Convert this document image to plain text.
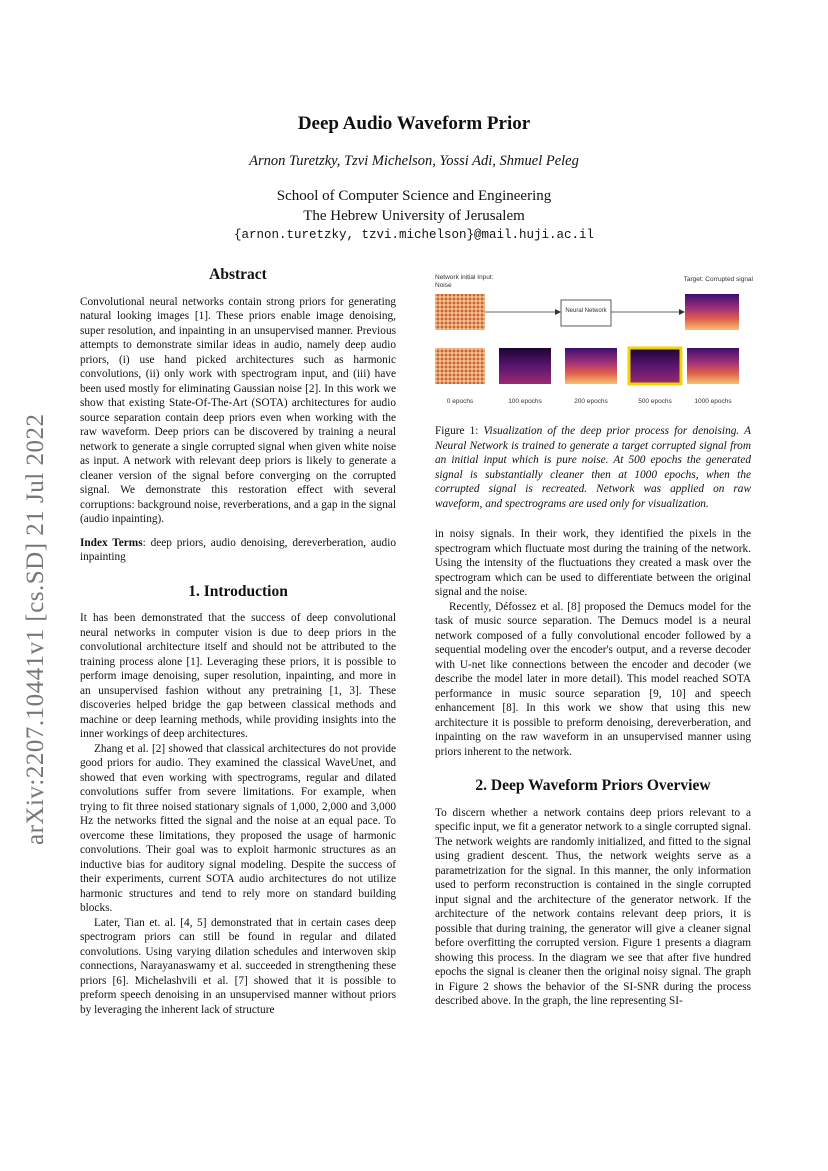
Deep Audio Waveform Prior
Arnon Turetzky, Tzvi Michelson, Yossi Adi, Shmuel Peleg
School of Computer Science and Engineering
The Hebrew University of Jerusalem
{arnon.turetzky, tzvi.michelson}@mail.huji.ac.il
arXiv:2207.10441v1 [cs.SD] 21 Jul 2022
Abstract

Convolutional neural networks contain strong priors for generating natural looking images [1]. These priors enable image denoising, super resolution, and inpainting in an unsupervised manner. Previous attempts to demonstrate similar ideas in audio, namely deep audio priors, (i) use hand picked architectures such as harmonic convolutions, (ii) only work with spectrogram input, and (iii) have been used mostly for eliminating Gaussian noise [2]. In this work we show that existing State-Of-The-Art (SOTA) architectures for audio source separation contain deep priors even when working with the raw waveform. Deep priors can be discovered by training a neural network to generate a single corrupted signal when given white noise as input. A network with relevant deep priors is likely to generate a cleaner version of the signal before converging on the corrupted signal. We demonstrate this restoration effect with several corruptions: background noise, reverberations, and a gap in the signal (audio inpainting).

Index Terms: deep priors, audio denoising, dereverberation, audio inpainting

1. Introduction

It has been demonstrated that the success of deep convolutional neural networks in computer vision is due to deep priors in the convolutional architecture itself and should not be attributed to the training process alone [1]. Leveraging these priors, it is possible to perform image denoising, super resolution, inpainting, and more in an unsupervised fashion without any pretraining [1, 3]. These discoveries helped bridge the gap between classical methods and machine or deep learning methods, while providing insights into the inner workings of deep architectures.

Zhang et al. [2] showed that classical architectures do not provide good priors for audio. They examined the classical WaveUnet, and showed that even working with spectrograms, regular and dilated convolutions suffer from severe limitations. For example, when trying to fit three noised stationary signals of 1,000, 2,000 and 3,000 Hz the networks fitted the signal and the noise at an equal pace. To overcome these limitations, they proposed the usage of harmonic convolutions. Their goal was to exploit harmonic structures as an inductive bias for auditory signal modeling. Despite the success of their experiments, current SOTA audio architectures do not utilize harmonic structures and tend to rely more on standard building blocks.

Later, Tian et. al. [4, 5] demonstrated that in certain cases deep spectrogram priors can still be found in regular and dilated convolutions. Using varying dilation schedules and interwoven skip connections, Narayanaswamy et al. succeeded in strengthening these priors [6]. Michelashvili et al. [7] showed that it is possible to preform speech denoising in an unsupervised manner without priors by leveraging the inherent lack of structure

Network initial Input: Noise
Target: Corrupted signal
Neural Network
0 epochs	100 epochs	200 epochs	500 epochs	1000 epochs

Figure 1: Visualization of the deep prior process for denoising. A Neural Network is trained to generate a target corrupted signal from an initial input which is pure noise. At 500 epochs the generated signal is substantially cleaner then at 1000 epochs, when the corrupted signal is recreated. Network was applied on raw waveform, and spectrograms are used only for visualization.

in noisy signals. In their work, they identified the pixels in the spectrogram which fluctuate most during the training of the network. Using the intensity of the fluctuations they created a mask over the spectrogram which can be used to differentiate between the original signal and the noise.

Recently, Défossez et al. [8] proposed the Demucs model for the task of music source separation. The Demucs model is a neural network composed of a fully convolutional encoder followed by a sequential modeling over the encoder's output, and a reverse decoder with U-net like connections between the encoder and decoder (we describe the model later in more detail). This model reached SOTA performance in music source separation [9, 10] and speech enhancement [8]. In this work we show that using this new architecture it is possible to preform denoising, dereverberation, and inpainting on the raw waveform in an unsupervised manner using priors inherent to the network.

2. Deep Waveform Priors Overview

To discern whether a network contains deep priors relevant to a specific input, we fit a generator network to a single corrupted signal. The network weights are randomly initialized, and fitted to the signal using gradient descent. Thus, the network weights serve as a parametrization for the signal. In this manner, the only information used to perform reconstruction is contained in the single corrupted input signal and the architecture of the generator network. If the architecture of the network contains relevant deep priors, it is possible that during training, the generator will give a cleaner signal before overfitting the corrupted version. Figure 1 presents a diagram showing this process. In the diagram we see that after five hundred epochs the signal is cleaner then the original noisy signal. The graph in Figure 2 shows the behavior of the SI-SNR during the process described above. In the graph, the line representing SI-
